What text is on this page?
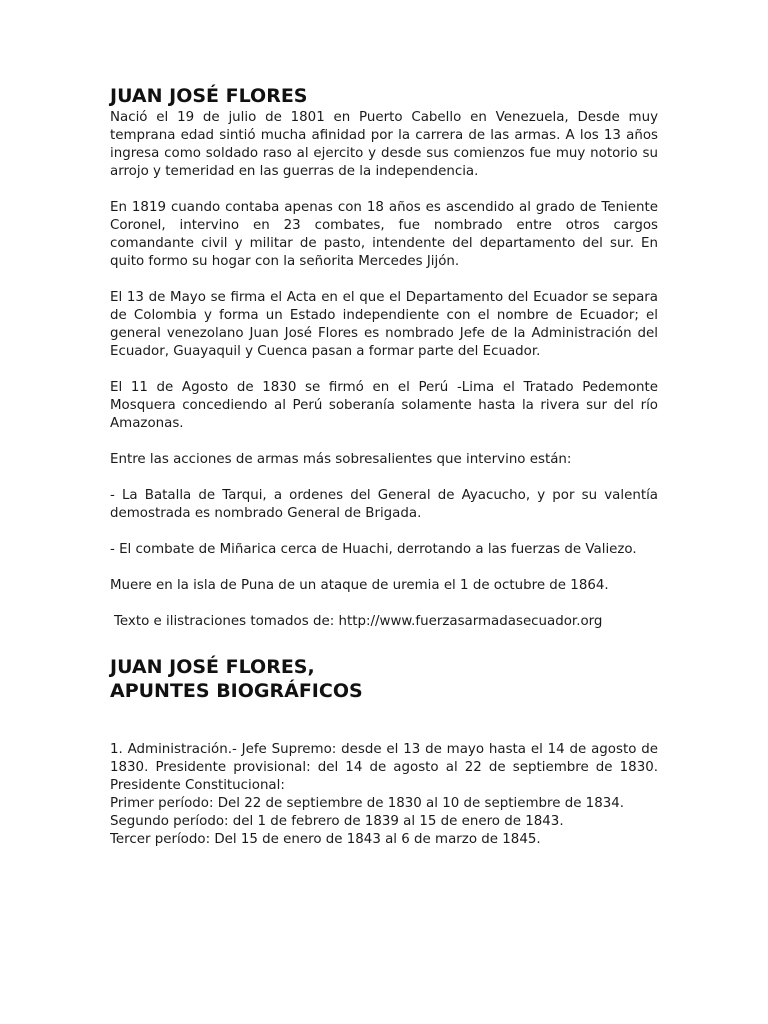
JUAN JOSÉ FLORES

Nació el 19 de julio de 1801 en Puerto Cabello en Venezuela, Desde muy temprana edad sintió mucha afinidad por la carrera de las armas. A los 13 años ingresa como soldado raso al ejercito y desde sus comienzos fue muy notorio su arrojo y temeridad en las guerras de la independencia.

En 1819 cuando contaba apenas con 18 años es ascendido al grado de Teniente Coronel, intervino en 23 combates, fue nombrado entre otros cargos comandante civil y militar de pasto, intendente del departamento del sur. En quito formo su hogar con la señorita Mercedes Jijón.

El 13 de Mayo se firma el Acta en el que el Departamento del Ecuador se separa de Colombia y forma un Estado independiente con el nombre de Ecuador; el general venezolano Juan José Flores es nombrado Jefe de la Administración del Ecuador, Guayaquil y Cuenca pasan a formar parte del Ecuador.

El 11 de Agosto de 1830 se firmó en el Perú -Lima el Tratado Pedemonte Mosquera concediendo al Perú soberanía solamente hasta la rivera sur del río Amazonas.

Entre las acciones de armas más sobresalientes que intervino están:

- La Batalla de Tarqui, a ordenes del General de Ayacucho, y por su valentía demostrada es nombrado General de Brigada.

- El combate de Miñarica cerca de Huachi, derrotando a las fuerzas de Valiezo.

Muere en la isla de Puna de un ataque de uremia el 1 de octubre de 1864.

Texto e ilistraciones tomados de: http://www.fuerzasarmadasecuador.org

JUAN JOSÉ FLORES,
APUNTES BIOGRÁFICOS

1. Administración.- Jefe Supremo: desde el 13 de mayo hasta el 14 de agosto de 1830. Presidente provisional: del 14 de agosto al 22 de septiembre de 1830. Presidente Constitucional:

Primer período: Del 22 de septiembre de 1830 al 10 de septiembre de 1834.
Segundo período: del 1 de febrero de 1839 al 15 de enero de 1843.
Tercer período: Del 15 de enero de 1843 al 6 de marzo de 1845.
